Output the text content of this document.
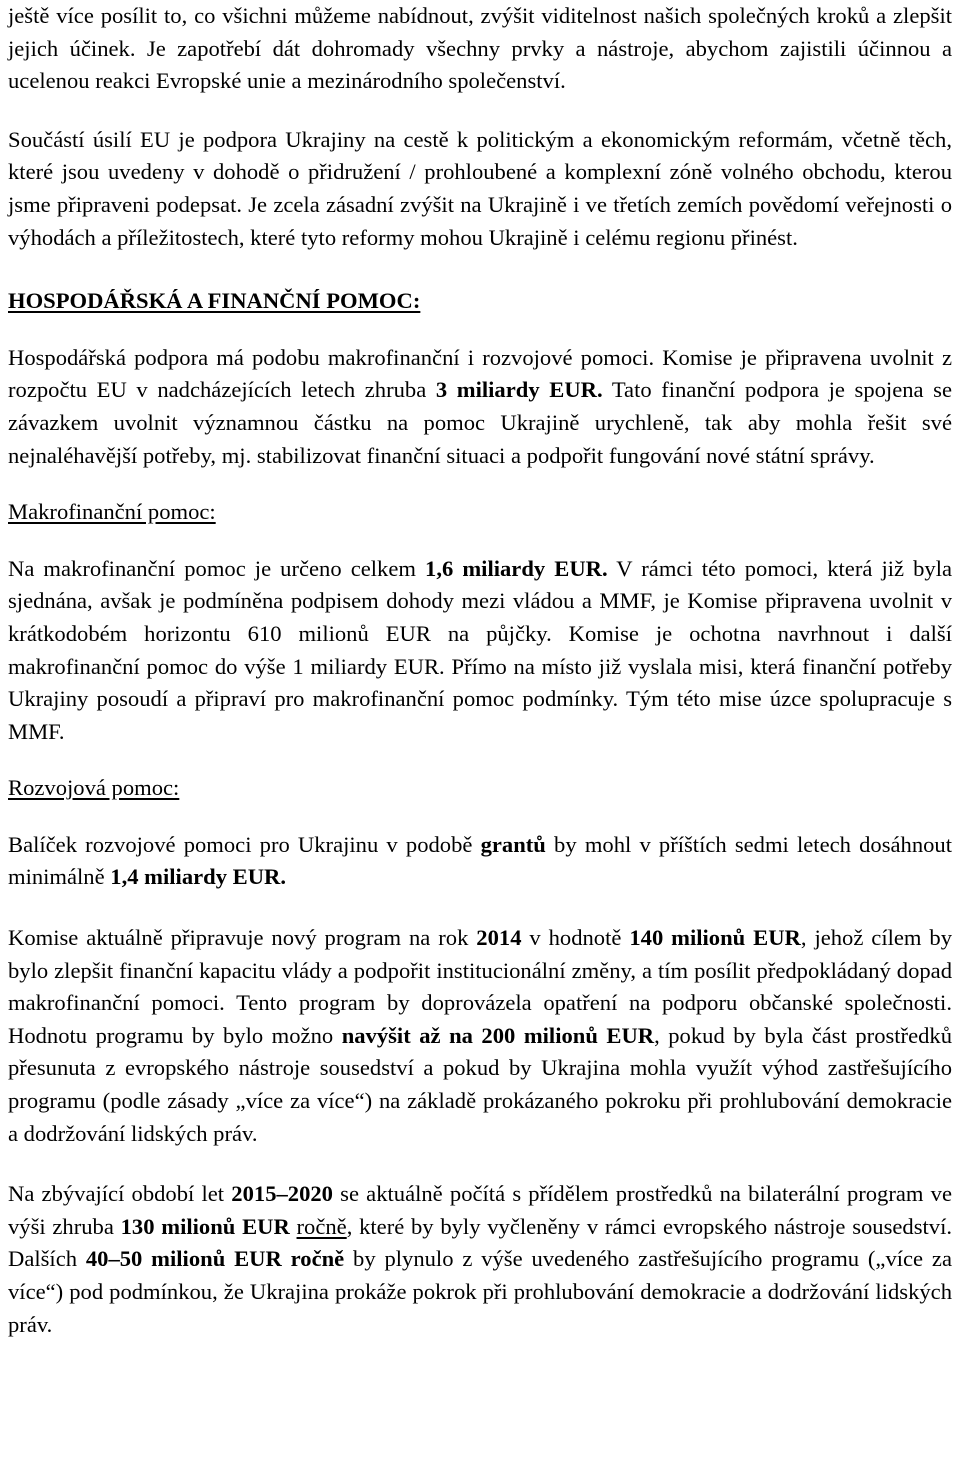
ještě více posílit to, co všichni můžeme nabídnout, zvýšit viditelnost našich společných kroků a zlepšit jejich účinek. Je zapotřebí dát dohromady všechny prvky a nástroje, abychom zajistili účinnou a ucelenou reakci Evropské unie a mezinárodního společenství.

Součástí úsilí EU je podpora Ukrajiny na cestě k politickým a ekonomickým reformám, včetně těch, které jsou uvedeny v dohodě o přidružení / prohloubené a komplexní zóně volného obchodu, kterou jsme připraveni podepsat. Je zcela zásadní zvýšit na Ukrajině i ve třetích zemích povědomí veřejnosti o výhodách a příležitostech, které tyto reformy mohou Ukrajině i celému regionu přinést.

HOSPODÁŘSKÁ A FINANČNÍ POMOC:

Hospodářská podpora má podobu makrofinanční i rozvojové pomoci. Komise je připravena uvolnit z rozpočtu EU v nadcházejících letech zhruba 3 miliardy EUR. Tato finanční podpora je spojena se závazkem uvolnit významnou částku na pomoc Ukrajině urychleně, tak aby mohla řešit své nejnaléhavější potřeby, mj. stabilizovat finanční situaci a podpořit fungování nové státní správy.

Makrofinanční pomoc:

Na makrofinanční pomoc je určeno celkem 1,6 miliardy EUR. V rámci této pomoci, která již byla sjednána, avšak je podmíněna podpisem dohody mezi vládou a MMF, je Komise připravena uvolnit v krátkodobém horizontu 610 milionů EUR na půjčky. Komise je ochotna navrhnout i další makrofinanční pomoc do výše 1 miliardy EUR. Přímo na místo již vyslala misi, která finanční potřeby Ukrajiny posoudí a připraví pro makrofinanční pomoc podmínky. Tým této mise úzce spolupracuje s MMF.

Rozvojová pomoc:

Balíček rozvojové pomoci pro Ukrajinu v podobě grantů by mohl v příštích sedmi letech dosáhnout minimálně 1,4 miliardy EUR.

Komise aktuálně připravuje nový program na rok 2014 v hodnotě 140 milionů EUR, jehož cílem by bylo zlepšit finanční kapacitu vlády a podpořit institucionální změny, a tím posílit předpokládaný dopad makrofinanční pomoci. Tento program by doprovázela opatření na podporu občanské společnosti. Hodnotu programu by bylo možno navýšit až na 200 milionů EUR, pokud by byla část prostředků přesunuta z evropského nástroje sousedství a pokud by Ukrajina mohla využít výhod zastřešujícího programu (podle zásady „více za více“) na základě prokázaného pokroku při prohlubování demokracie a dodržování lidských práv.

Na zbývající období let 2015–2020 se aktuálně počítá s přídělem prostředků na bilaterální program ve výši zhruba 130 milionů EUR ročně, které by byly vyčleněny v rámci evropského nástroje sousedství. Dalších 40–50 milionů EUR ročně by plynulo z výše uvedeného zastřešujícího programu („více za více“) pod podmínkou, že Ukrajina prokáže pokrok při prohlubování demokracie a dodržování lidských práv.
